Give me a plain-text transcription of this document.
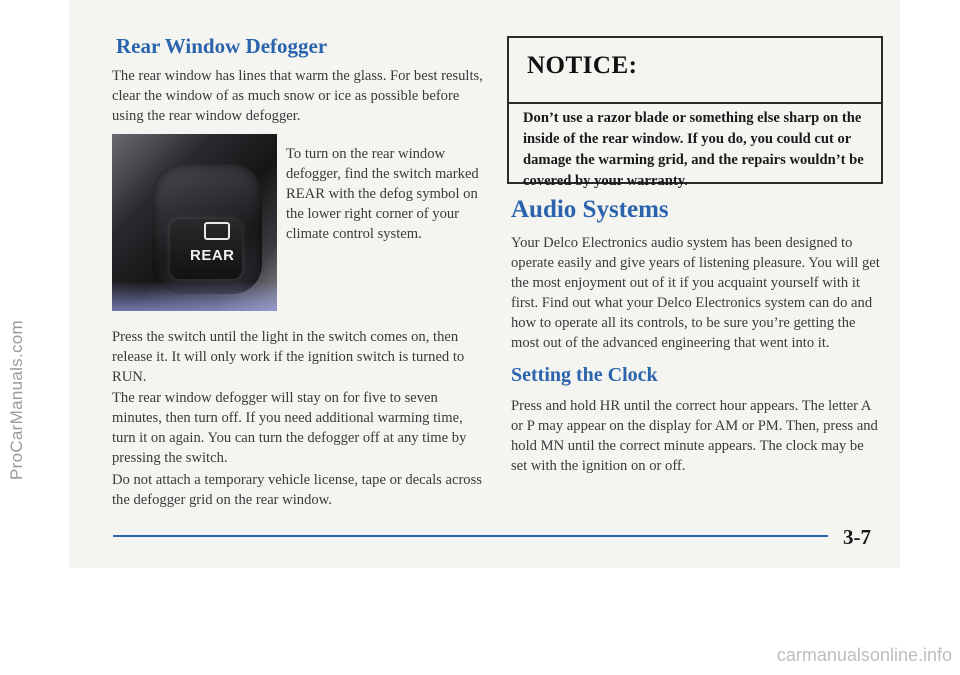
ProCarManuals.com
Rear Window Defogger

The rear window has lines that warm the glass. For best results, clear the window of as much snow or ice as possible before using the rear window defogger.

REAR

To turn on the rear window defogger, find the switch marked REAR with the defog symbol on the lower right corner of your climate control system.

Press the switch until the light in the switch comes on, then release it. It will only work if the ignition switch is turned to RUN.

The rear window defogger will stay on for five to seven minutes, then turn off. If you need additional warming time, turn it on again. You can turn the defogger off at any time by pressing the switch.

Do not attach a temporary vehicle license, tape or decals across the defogger grid on the rear window.

NOTICE:

Don’t use a razor blade or something else sharp on the inside of the rear window. If you do, you could cut or damage the warming grid, and the repairs wouldn’t be covered by your warranty.

Audio Systems

Your Delco Electronics audio system has been designed to operate easily and give years of listening pleasure. You will get the most enjoyment out of it if you acquaint yourself with it first. Find out what your Delco Electronics system can do and how to operate all its controls, to be sure you’re getting the most out of the advanced engineering that went into it.

Setting the Clock

Press and hold HR until the correct hour appears. The letter A or P may appear on the display for AM or PM. Then, press and hold MN until the correct minute appears. The clock may be set with the ignition on or off.

3-7
carmanualsonline.info
